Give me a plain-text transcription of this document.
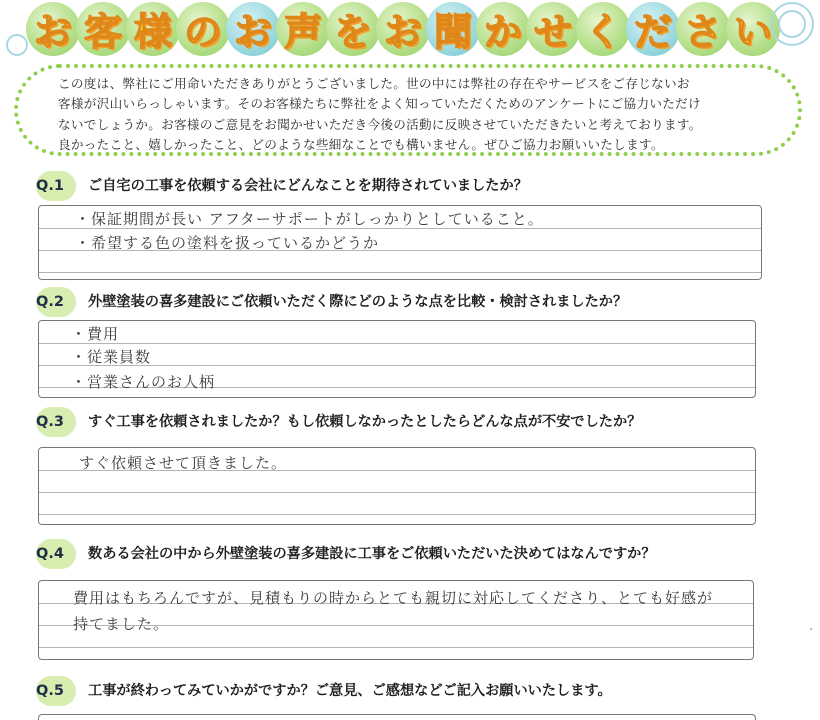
お 客 様 の お 声 を お 聞 か せ く だ さ い

この度は、弊社にご用命いただきありがとうございました。世の中には弊社の存在やサービスをご存じないお

客様が沢山いらっしゃいます。そのお客様たちに弊社をよく知っていただくためのアンケートにご協力いただけ

ないでしょうか。お客様のご意見をお聞かせいただき今後の活動に反映させていただきたいと考えております。

良かったこと、嬉しかったこと、どのような些細なことでも構いません。ぜひご協力お願いいたします。

Q.1	ご自宅の工事を依頼する会社にどんなことを期待されていましたか？
・保証期間が長い アフターサポートがしっかりとしていること。
・希望する色の塗料を扱っているかどうか
Q.2	外壁塗装の喜多建設にご依頼いただく際にどのような点を比較・検討されましたか？
・費用
・従業員数
・営業さんのお人柄
Q.3	すぐ工事を依頼されましたか？もし依頼しなかったとしたらどんな点が不安でしたか？
すぐ依頼させて頂きました。
Q.4	数ある会社の中から外壁塗装の喜多建設に工事をご依頼いただいた決めてはなんですか？
費用はもちろんですが、見積もりの時からとても親切に対応してくださり、とても好感が
持てました。
Q.5	工事が終わってみていかがですか？ご意見、ご感想などご記入お願いいたします。
